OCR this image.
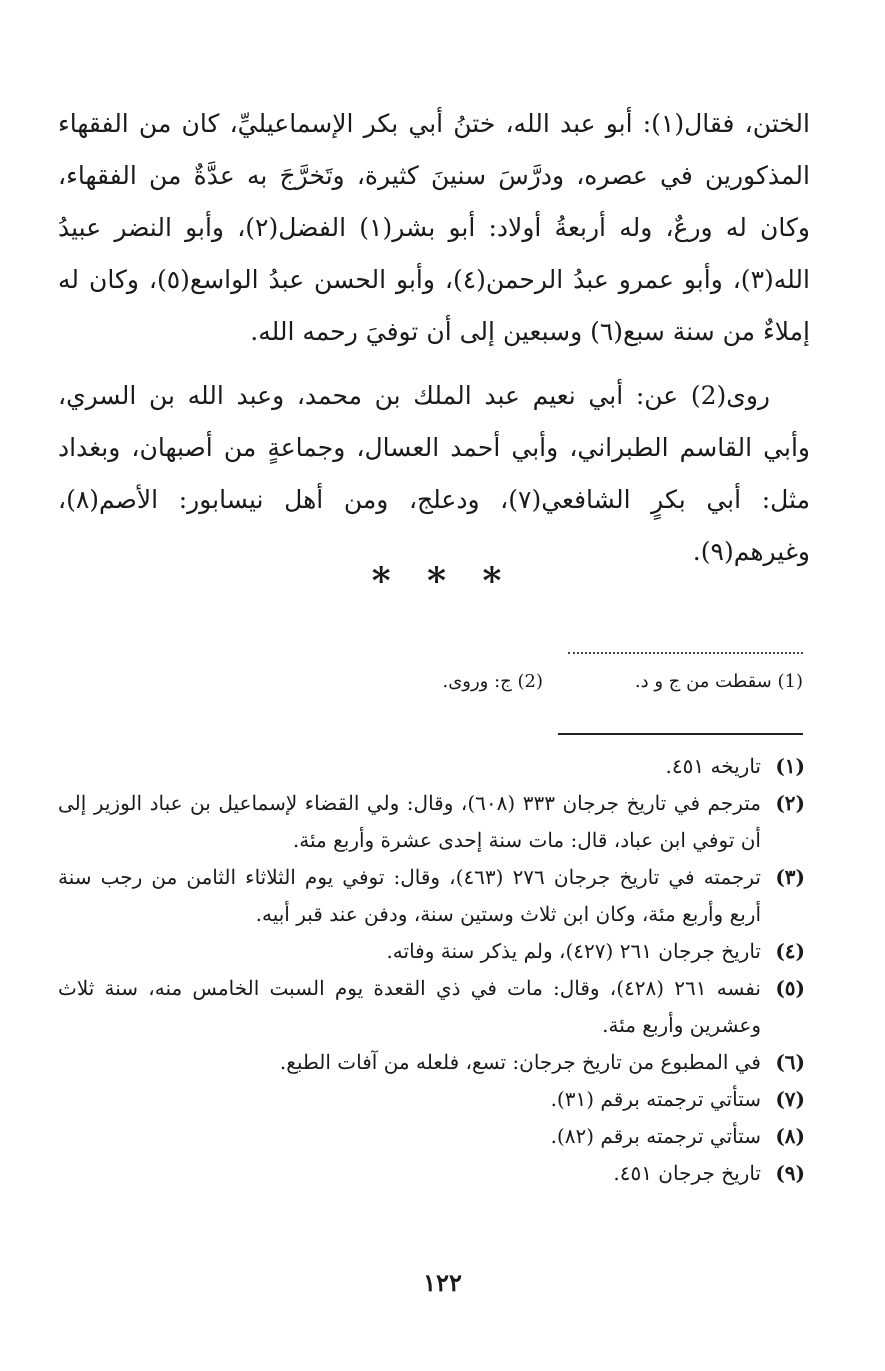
الختن، فقال(١): أبو عبد الله، ختنُ أبي بكر الإسماعيليِّ، كان من الفقهاء المذكورين في عصره، ودرَّسَ سنينَ كثيرة، وتَخرَّجَ به عدَّةٌ من الفقهاء، وكان له ورعٌ، وله أربعةُ أولاد: أبو بشر(١) الفضل(٢)، وأبو النضر عبيدُ الله(٣)، وأبو عمرو عبدُ الرحمن(٤)، وأبو الحسن عبدُ الواسع(٥)، وكان له إملاءٌ من سنة سبع(٦) وسبعين إلى أن توفيَ رحمه الله.

روى(2) عن: أبي نعيم عبد الملك بن محمد، وعبد الله بن السري، وأبي القاسم الطبراني، وأبي أحمد العسال، وجماعةٍ من أصبهان، وبغداد مثل: أبي بكرٍ الشافعي(٧)، ودعلج، ومن أهل نيسابور: الأصم(٨)، وغيرهم(٩).

* * *
(1) سقطت من ج و د.
(2) ج: وروى.
(١)
تاريخه ٤٥١.
(٢)
مترجم في تاريخ جرجان ٣٣٣ (٦٠٨)، وقال: ولي القضاء لإسماعيل بن عباد الوزير إلى أن توفي ابن عباد، قال: مات سنة إحدى عشرة وأربع مئة.
(٣)
ترجمته في تاريخ جرجان ٢٧٦ (٤٦٣)، وقال: توفي يوم الثلاثاء الثامن من رجب سنة أربع وأربع مئة، وكان ابن ثلاث وستين سنة، ودفن عند قبر أبيه.
(٤)
تاريخ جرجان ٢٦١ (٤٢٧)، ولم يذكر سنة وفاته.
(٥)
نفسه ٢٦١ (٤٢٨)، وقال: مات في ذي القعدة يوم السبت الخامس منه، سنة ثلاث وعشرين وأربع مئة.
(٦)
في المطبوع من تاريخ جرجان: تسع، فلعله من آفات الطبع.
(٧)
ستأتي ترجمته برقم (٣١).
(٨)
ستأتي ترجمته برقم (٨٢).
(٩)
تاريخ جرجان ٤٥١.
١٢٢
